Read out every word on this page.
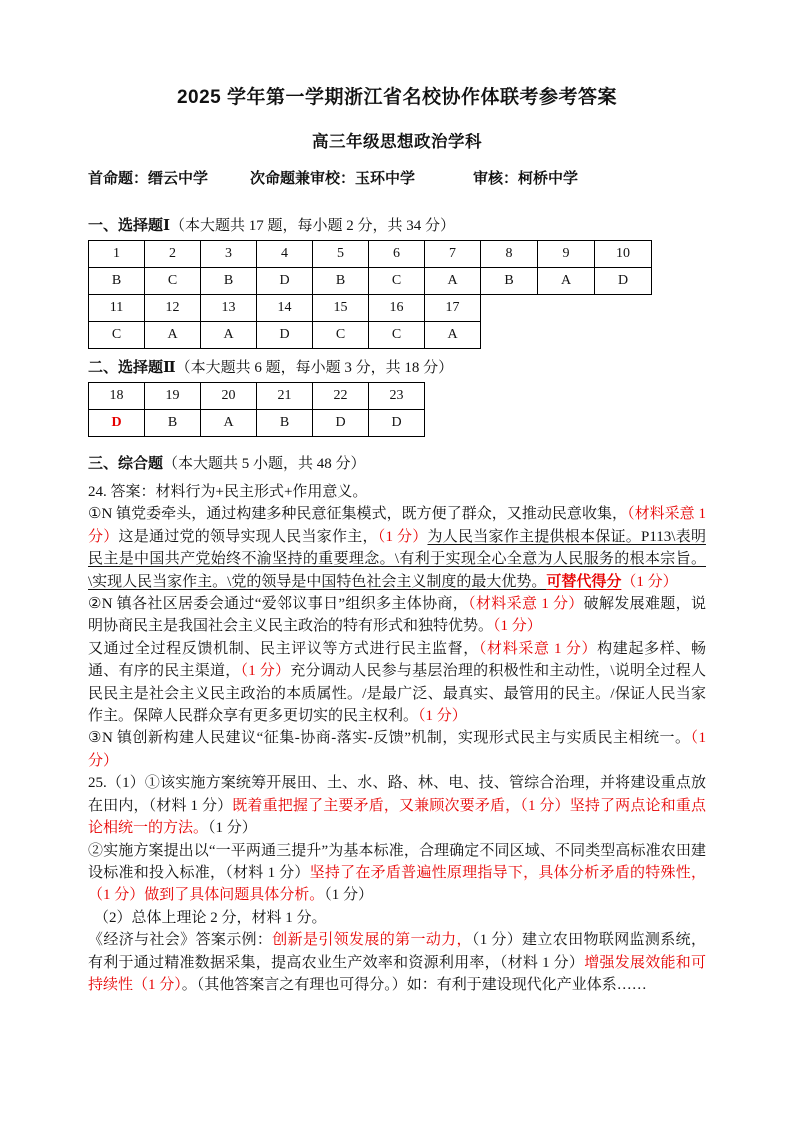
2025 学年第一学期浙江省名校协作体联考参考答案
高三年级思想政治学科
首命题：缙云中学	次命题兼审校：玉环中学	审核：柯桥中学
一、选择题Ⅰ（本大题共 17 题，每小题 2 分，共 34 分）
1	2	3	4	5	6	7	8	9	10
B	C	B	D	B	C	A	B	A	D
11	12	13	14	15	16	17			
C	A	A	D	C	C	A			
二、选择题Ⅱ（本大题共 6 题，每小题 3 分，共 18 分）
18	19	20	21	22	23
D	B	A	B	D	D
三、综合题（本大题共 5 小题，共 48 分）

24. 答案：材料行为+民主形式+作用意义。

①N 镇党委牵头，通过构建多种民意征集模式，既方便了群众，又推动民意收集，（材料采意 1 分）这是通过党的领导实现人民当家作主，（1 分）为人民当家作主提供根本保证。P113\表明民主是中国共产党始终不渝坚持的重要理念。\有利于实现全心全意为人民服务的根本宗旨。\实现人民当家作主。\党的领导是中国特色社会主义制度的最大优势。可替代得分（1 分）

②N 镇各社区居委会通过“爱邻议事日”组织多主体协商，（材料采意 1 分）破解发展难题，说明协商民主是我国社会主义民主政治的特有形式和独特优势。（1 分）

又通过全过程反馈机制、民主评议等方式进行民主监督，（材料采意 1 分）构建起多样、畅通、有序的民主渠道，（1 分）充分调动人民参与基层治理的积极性和主动性，\说明全过程人民民主是社会主义民主政治的本质属性。/是最广泛、最真实、最管用的民主。/保证人民当家作主。保障人民群众享有更多更切实的民主权利。（1 分）

③N 镇创新构建人民建议“征集-协商-落实-反馈”机制，实现形式民主与实质民主相统一。（1 分）

25.（1）①该实施方案统筹开展田、土、水、路、林、电、技、管综合治理，并将建设重点放在田内，（材料 1 分）既着重把握了主要矛盾，又兼顾次要矛盾，（1 分）坚持了两点论和重点论相统一的方法。（1 分）

②实施方案提出以“一平两通三提升”为基本标准，合理确定不同区域、不同类型高标准农田建设标准和投入标准，（材料 1 分）坚持了在矛盾普遍性原理指导下，具体分析矛盾的特殊性，（1 分）做到了具体问题具体分析。（1 分）

（2）总体上理论 2 分，材料 1 分。

《经济与社会》答案示例：创新是引领发展的第一动力，（1 分）建立农田物联网监测系统，有利于通过精准数据采集，提高农业生产效率和资源利用率，（材料 1 分）增强发展效能和可持续性（1 分）。（其他答案言之有理也可得分。）如：有利于建设现代化产业体系……
